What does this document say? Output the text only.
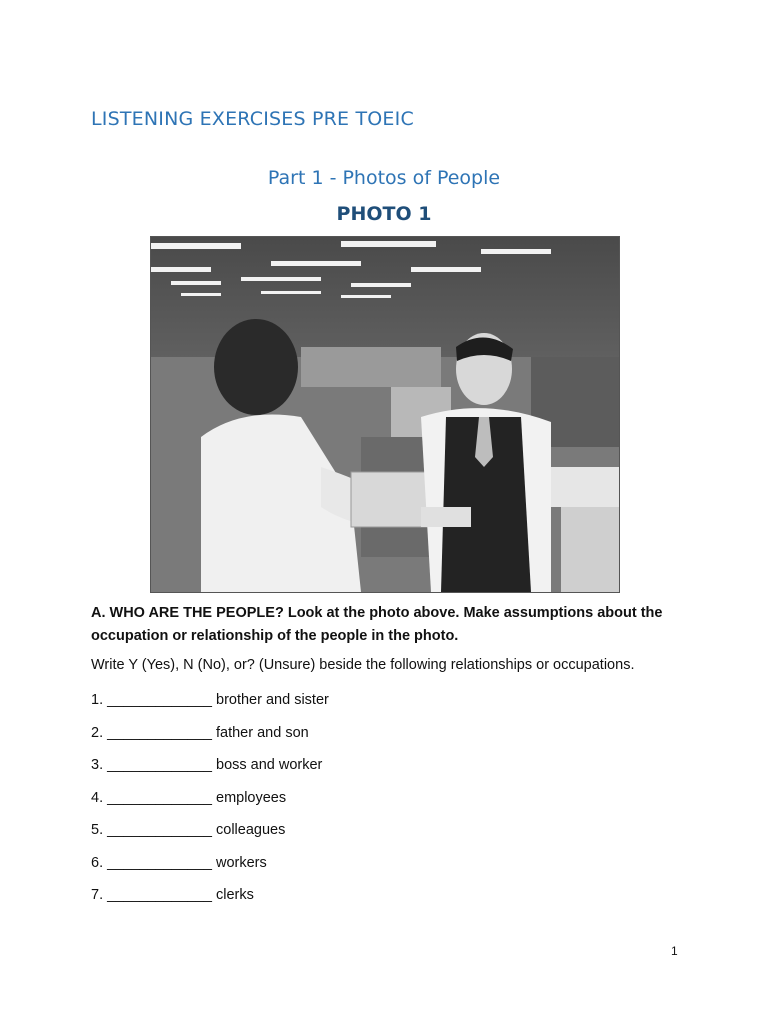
LISTENING EXERCISES PRE TOEIC
Part 1 - Photos of People
PHOTO 1

A. WHO ARE THE PEOPLE? Look at the photo above. Make assumptions about the occupation or relationship of the people in the photo.

Write Y (Yes), N (No), or? (Unsure) beside the following relationships or occupations.

1. _____________ brother and sister
2. _____________ father and son
3. _____________ boss and worker
4. _____________ employees
5. _____________ colleagues
6. _____________ workers
7. _____________ clerks
1
